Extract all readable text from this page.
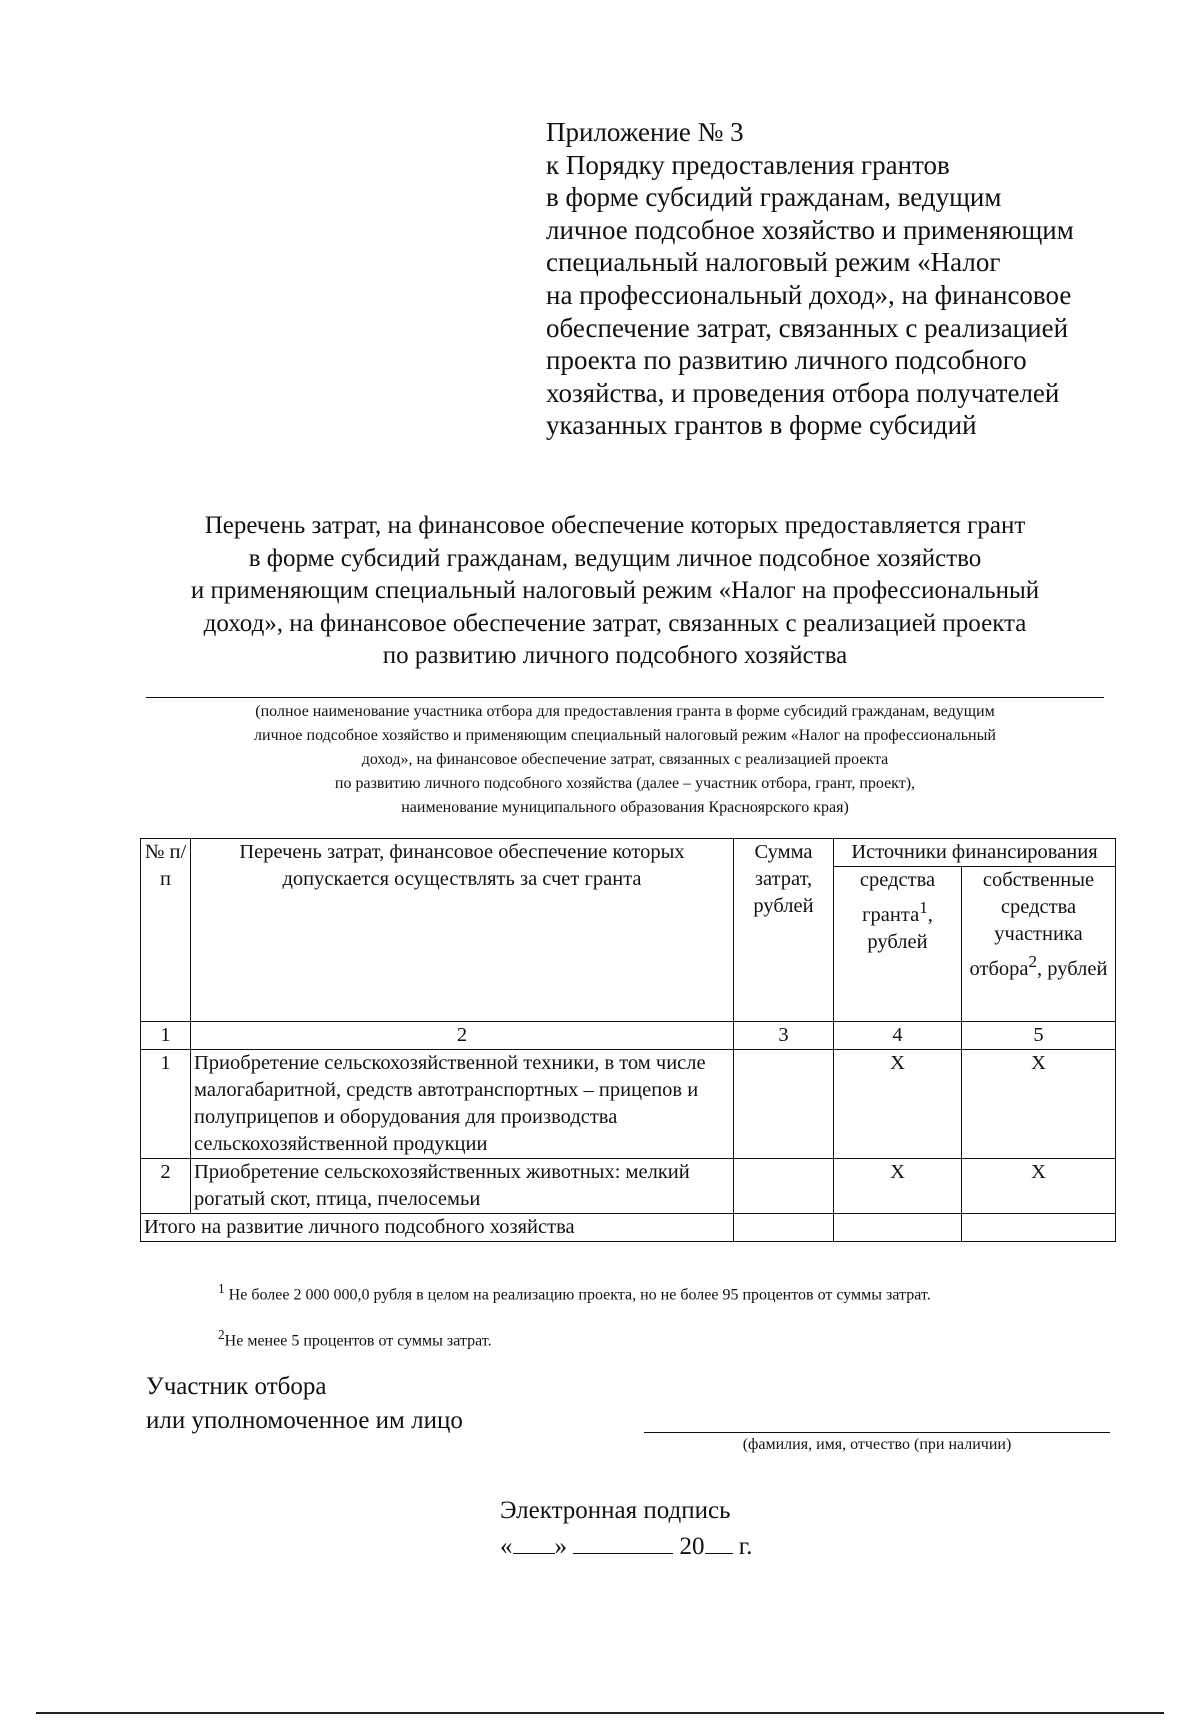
Приложение № 3
к Порядку предоставления грантов
в форме субсидий гражданам, ведущим
личное подсобное хозяйство и применяющим
специальный налоговый режим «Налог
на профессиональный доход», на финансовое
обеспечение затрат, связанных с реализацией
проекта по развитию личного подсобного
хозяйства, и проведения отбора получателей
указанных грантов в форме субсидий
Перечень затрат, на финансовое обеспечение которых предоставляется грант
в форме субсидий гражданам, ведущим личное подсобное хозяйство
и применяющим специальный налоговый режим «Налог на профессиональный
доход», на финансовое обеспечение затрат, связанных с реализацией проекта
по развитию личного подсобного хозяйства
(полное наименование участника отбора для предоставления гранта в форме субсидий гражданам, ведущим
личное подсобное хозяйство и применяющим специальный налоговый режим «Налог на профессиональный
доход», на финансовое обеспечение затрат, связанных с реализацией проекта
по развитию личного подсобного хозяйства (далее – участник отбора, грант, проект),
наименование муниципального образования Красноярского края)
№ п/п	Перечень затрат, финансовое обеспечение которых допускается осуществлять за счет гранта	Сумма затрат, рублей	Источники финансирования	
			средства гранта$^1$, рублей	собственные средства участника отбора$^2$, рублей
1	2	3	4	5
1	Приобретение сельскохозяйственной техники, в том числе малогабаритной, средств автотранспортных – прицепов и полуприцепов и оборудования для производства сельскохозяйственной продукции		X	X
2	Приобретение сельскохозяйственных животных: мелкий рогатый скот, птица, пчелосемьи		X	X
Итого на развитие личного подсобного хозяйства				
$^1$ Не более 2 000 000,0 рубля в целом на реализацию проекта, но не более 95 процентов от суммы затрат.
$^2$Не менее 5 процентов от суммы затрат.
Участник отбора
или уполномоченное им лицо
(фамилия, имя, отчество (при наличии)
Электронная подпись
« »	20 г.
